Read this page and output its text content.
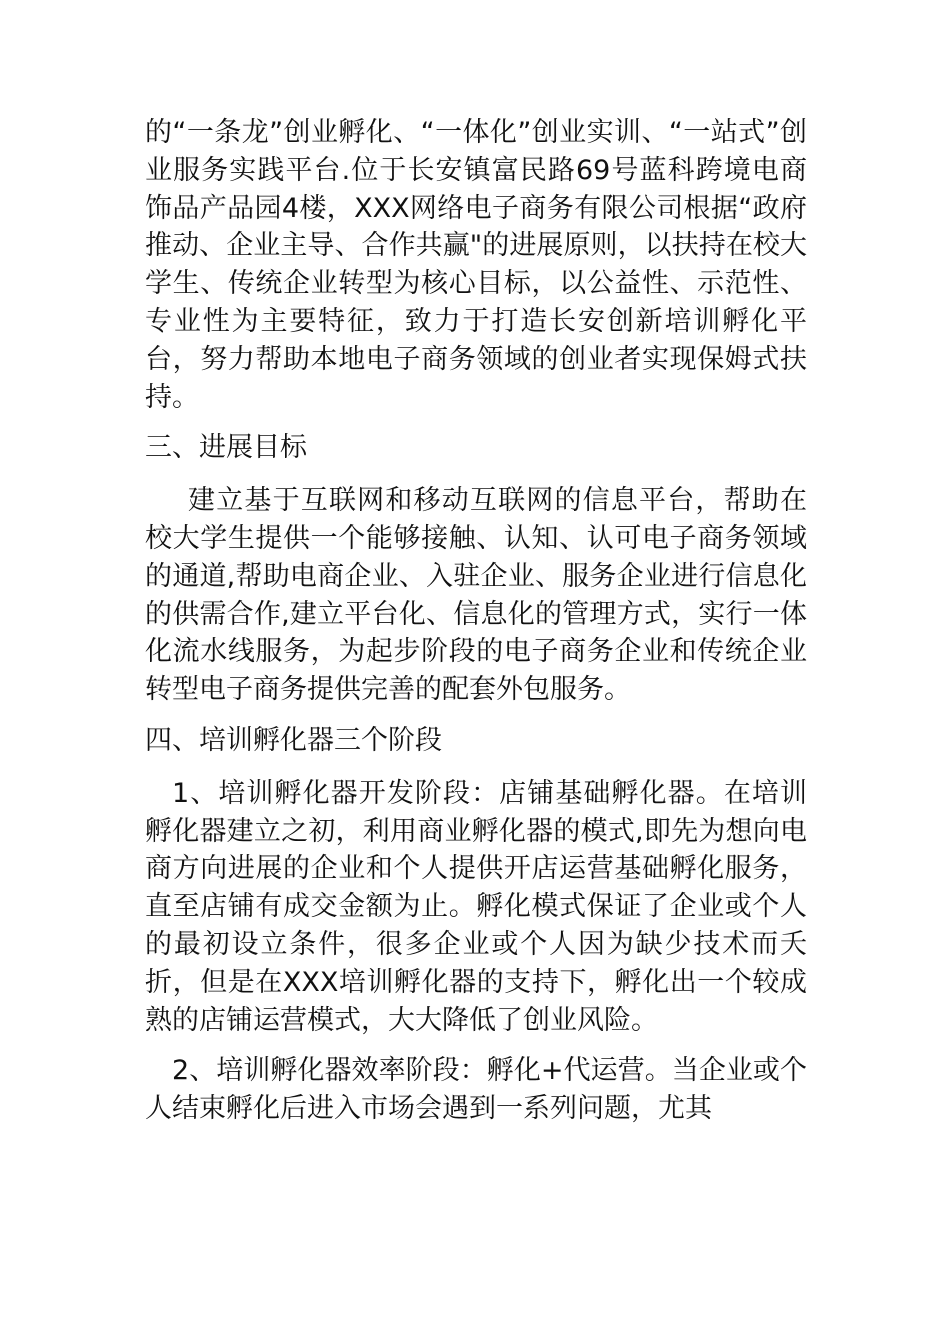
的“一条龙”创业孵化、“一体化”创业实训、“一站式”创业服务实践平台.位于长安镇富民路69号蓝科跨境电商饰品产品园4楼，XXX网络电子商务有限公司根据“政府推动、企业主导、合作共赢"的进展原则，以扶持在校大学生、传统企业转型为核心目标，以公益性、示范性、专业性为主要特征，致力于打造长安创新培训孵化平台，努力帮助本地电子商务领域的创业者实现保姆式扶持。

三、进展目标

建立基于互联网和移动互联网的信息平台，帮助在校大学生提供一个能够接触、认知、认可电子商务领域的通道,帮助电商企业、入驻企业、服务企业进行信息化的供需合作,建立平台化、信息化的管理方式，实行一体化流水线服务，为起步阶段的电子商务企业和传统企业转型电子商务提供完善的配套外包服务。

四、培训孵化器三个阶段

1、培训孵化器开发阶段：店铺基础孵化器。在培训孵化器建立之初，利用商业孵化器的模式,即先为想向电商方向进展的企业和个人提供开店运营基础孵化服务，直至店铺有成交金额为止。孵化模式保证了企业或个人的最初设立条件，很多企业或个人因为缺少技术而夭折，但是在XXX培训孵化器的支持下，孵化出一个较成熟的店铺运营模式，大大降低了创业风险。

2、培训孵化器效率阶段：孵化+代运营。当企业或个人结束孵化后进入市场会遇到一系列问题，尤其
